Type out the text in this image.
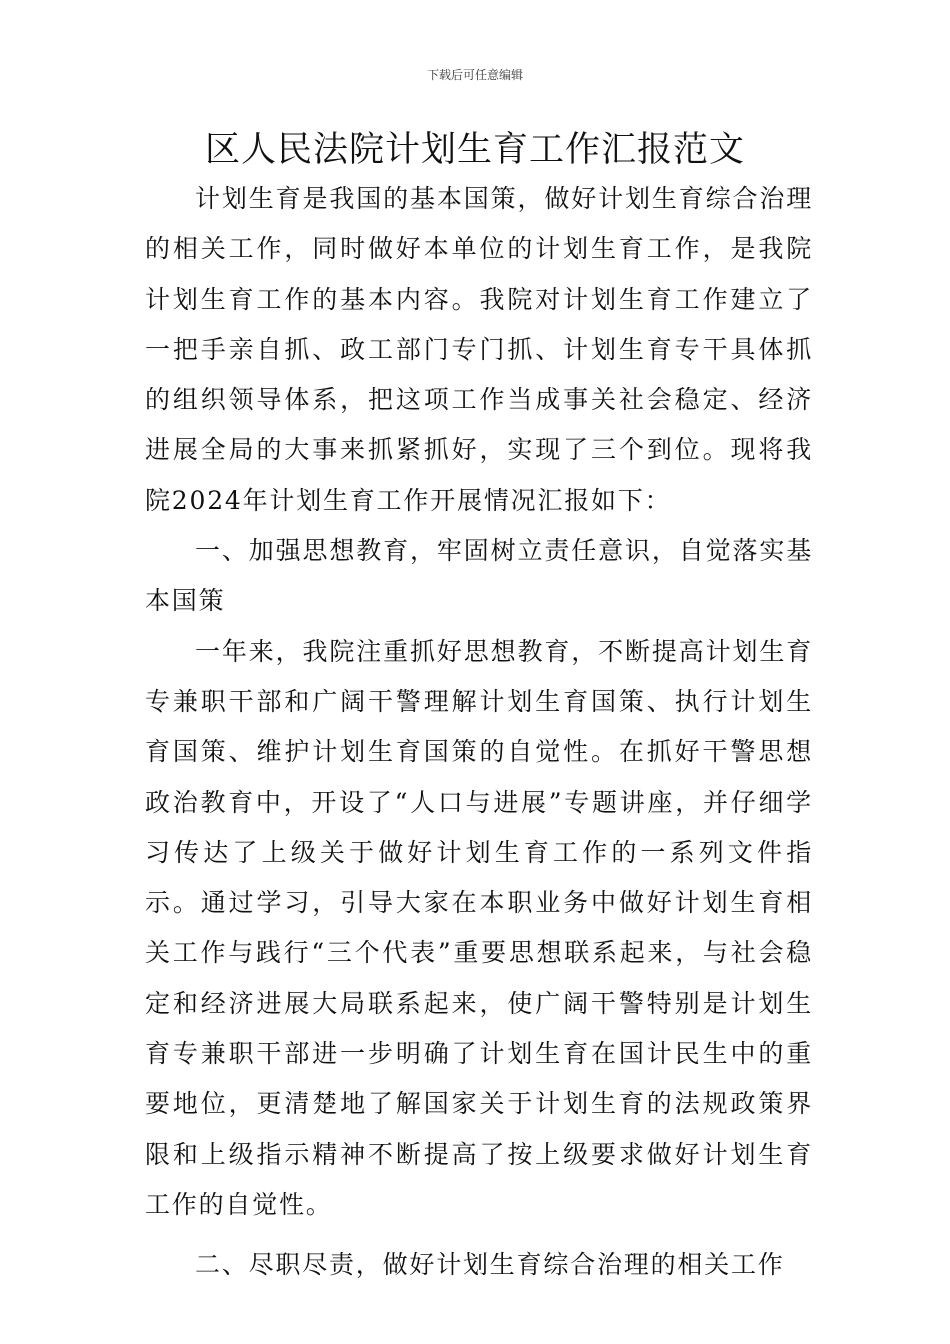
下载后可任意编辑
区人民法院计划生育工作汇报范文

计划生育是我国的基本国策，做好计划生育综合治理的相关工作，同时做好本单位的计划生育工作，是我院计划生育工作的基本内容。我院对计划生育工作建立了一把手亲自抓、政工部门专门抓、计划生育专干具体抓的组织领导体系，把这项工作当成事关社会稳定、经济进展全局的大事来抓紧抓好，实现了三个到位。现将我院2024年计划生育工作开展情况汇报如下：

一、加强思想教育，牢固树立责任意识，自觉落实基本国策

一年来，我院注重抓好思想教育，不断提高计划生育专兼职干部和广阔干警理解计划生育国策、执行计划生育国策、维护计划生育国策的自觉性。在抓好干警思想政治教育中，开设了“人口与进展”专题讲座，并仔细学习传达了上级关于做好计划生育工作的一系列文件指示。通过学习，引导大家在本职业务中做好计划生育相关工作与践行“三个代表”重要思想联系起来，与社会稳定和经济进展大局联系起来，使广阔干警特别是计划生育专兼职干部进一步明确了计划生育在国计民生中的重要地位，更清楚地了解国家关于计划生育的法规政策界限和上级指示精神不断提高了按上级要求做好计划生育工作的自觉性。

二、尽职尽责，做好计划生育综合治理的相关工作
